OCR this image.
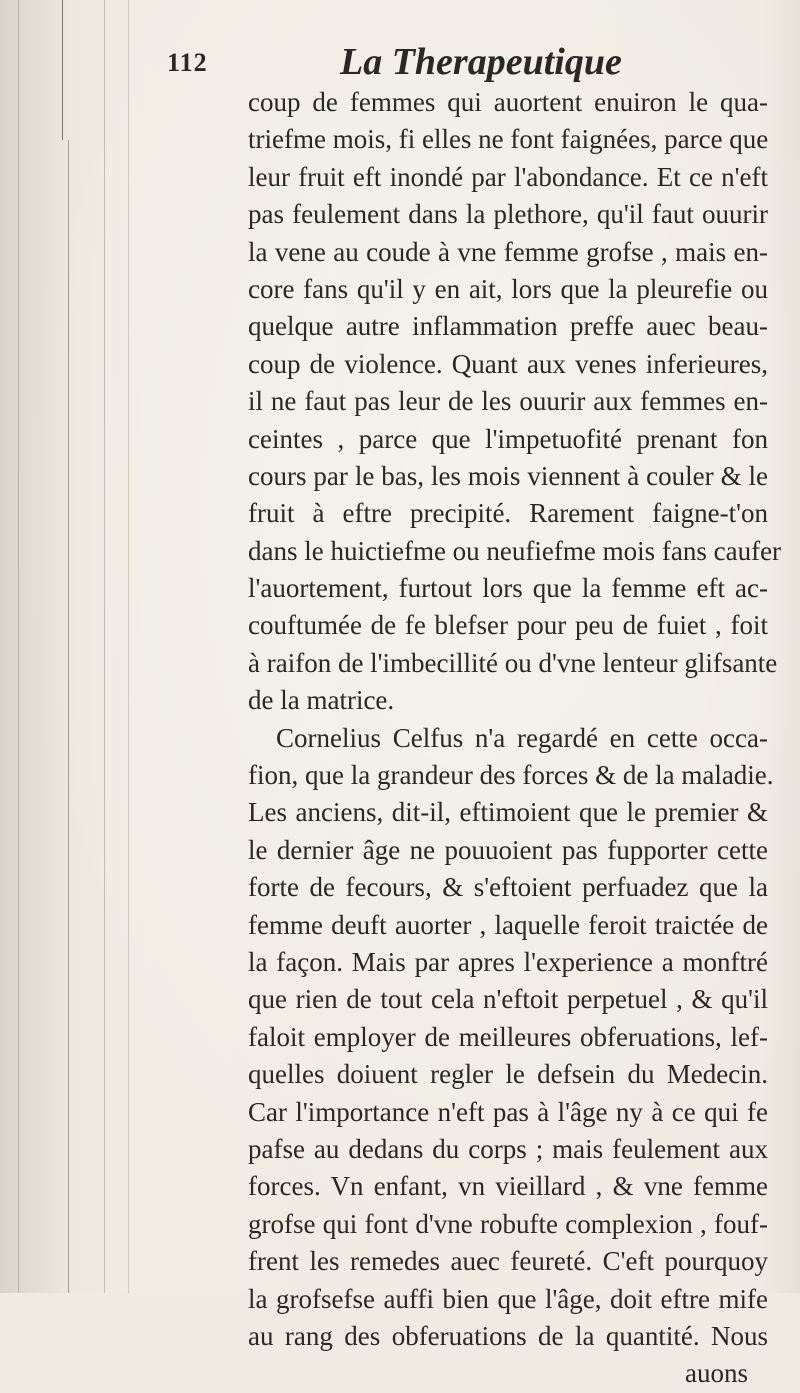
112	La Therapeutique
coup de femmes qui auortent enuiron le qua-
triefme mois, fi elles ne font faignées, parce que
leur fruit eft inondé par l'abondance. Et ce n'eft
pas feulement dans la plethore, qu'il faut ouurir
la vene au coude à vne femme grofse , mais en-
core fans qu'il y en ait, lors que la pleurefie ou
quelque autre inflammation preffe auec beau-
coup de violence. Quant aux venes inferieures,
il ne faut pas leur de les ouurir aux femmes en-
ceintes , parce que l'impetuofité prenant fon
cours par le bas, les mois viennent à couler & le
fruit à eftre precipité. Rarement faigne-t'on
dans le huictiefme ou neufiefme mois fans caufer
l'auortement, furtout lors que la femme eft ac-
couftumée de fe blefser pour peu de fuiet , foit
à raifon de l'imbecillité ou d'vne lenteur glifsante
de la matrice.
Cornelius Celfus n'a regardé en cette occa-
fion, que la grandeur des forces & de la maladie.
Les anciens, dit-il, eftimoient que le premier &
le dernier âge ne pouuoient pas fupporter cette
forte de fecours, & s'eftoient perfuadez que la
femme deuft auorter , laquelle feroit traictée de
la façon. Mais par apres l'experience a monftré
que rien de tout cela n'eftoit perpetuel , & qu'il
faloit employer de meilleures obferuations, lef-
quelles doiuent regler le defsein du Medecin.
Car l'importance n'eft pas à l'âge ny à ce qui fe
pafse au dedans du corps ; mais feulement aux
forces. Vn enfant, vn vieillard , & vne femme
grofse qui font d'vne robufte complexion , fouf-
frent les remedes auec feureté. C'eft pourquoy
la grofsefse auffi bien que l'âge, doit eftre mife
au rang des obferuations de la quantité. Nous
auons
